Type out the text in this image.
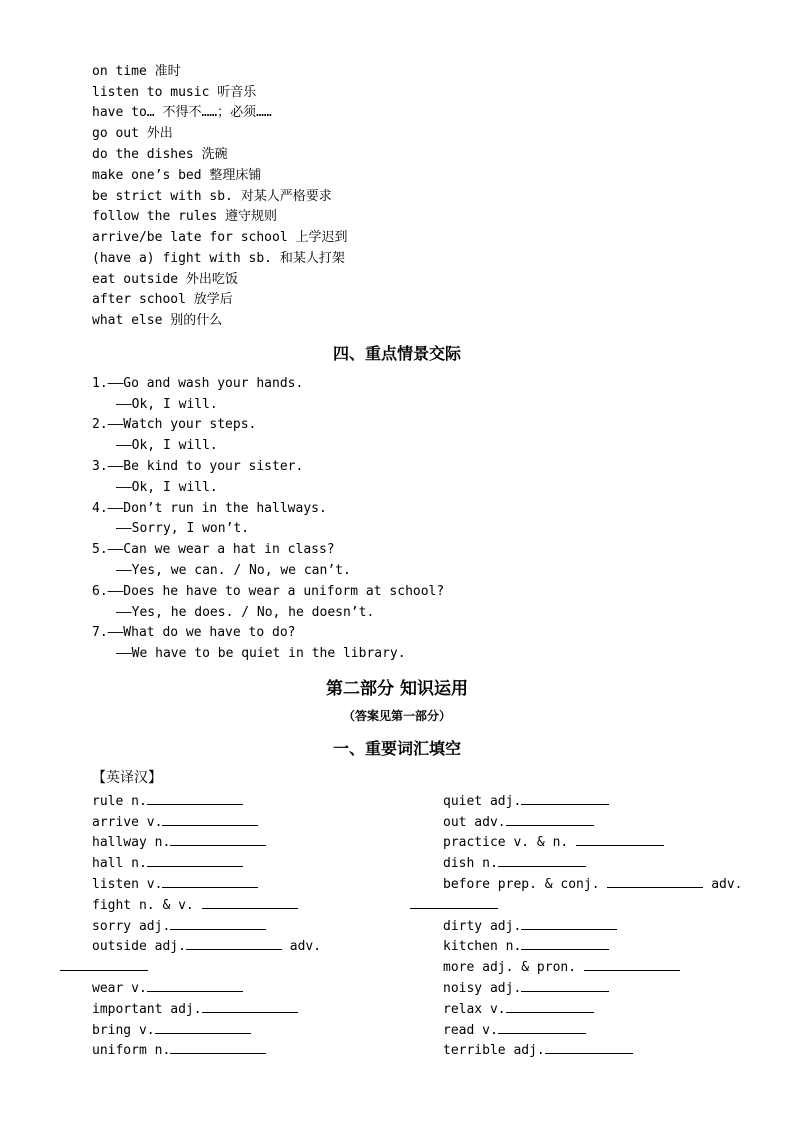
on time 准时
listen to music 听音乐
have to… 不得不……；必须……
go out 外出
do the dishes 洗碗
make one’s bed 整理床铺
be strict with sb. 对某人严格要求
follow the rules 遵守规则
arrive/be late for school 上学迟到
(have a) fight with sb. 和某人打架
eat outside 外出吃饭
after school 放学后
what else 别的什么
四、重点情景交际
1.——Go and wash your hands.
——Ok, I will.
2.——Watch your steps.
——Ok, I will.
3.——Be kind to your sister.
——Ok, I will.
4.——Don’t run in the hallways.
——Sorry, I won’t.
5.——Can we wear a hat in class?
——Yes, we can. / No, we can’t.
6.——Does he have to wear a uniform at school?
——Yes, he does. / No, he doesn’t.
7.——What do we have to do?
——We have to be quiet in the library.
第二部分 知识运用
（答案见第一部分）
一、重要词汇填空
【英译汉】
rule n.
arrive v.
hallway n.
hall n.
listen v.
fight n. & v.
sorry adj.
outside adj.	adv.
wear v.
important adj.
bring v.
uniform n.
quiet adj.
out adv.
practice v. & n.
dish n.
before prep. & conj.	adv.
dirty adj.
kitchen n.
more adj. & pron.
noisy adj.
relax v.
read v.
terrible adj.
